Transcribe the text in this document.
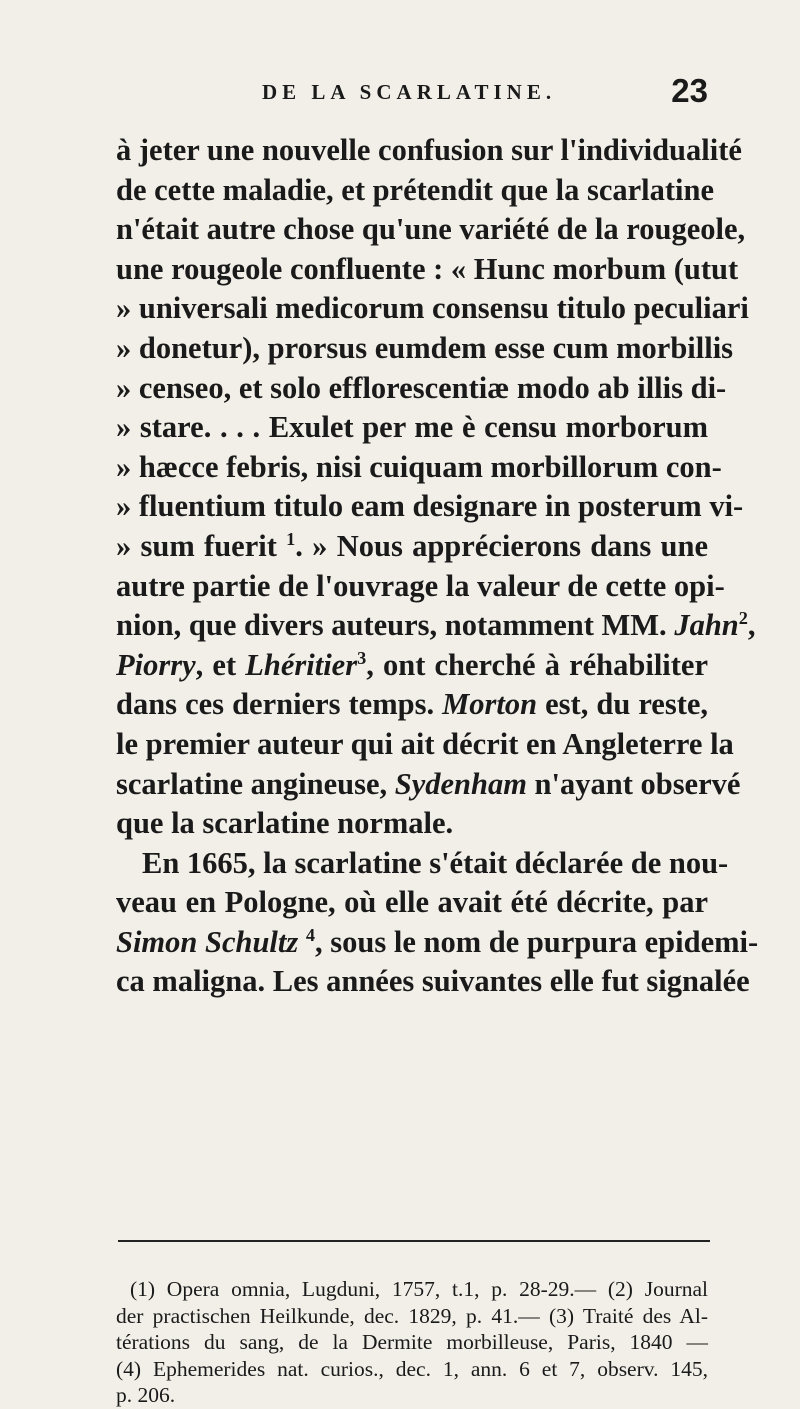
DE LA SCARLATINE.	23
à jeter une nouvelle confusion sur l'individualité
de cette maladie, et prétendit que la scarlatine
n'était autre chose qu'une variété de la rougeole,
une rougeole confluente : « Hunc morbum (utut
» universali medicorum consensu titulo peculiari
» donetur), prorsus eumdem esse cum morbillis
» censeo, et solo efflorescentiæ modo ab illis di-
» stare. . . . Exulet per me è censu morborum
» hæcce febris, nisi cuiquam morbillorum con-
» fluentium titulo eam designare in posterum vi-
» sum fuerit $^1$. » Nous apprécierons dans une
autre partie de l'ouvrage la valeur de cette opi-
nion, que divers auteurs, notamment MM. Jahn$^2$,
Piorry, et Lhéritier$^3$, ont cherché à réhabiliter
dans ces derniers temps. Morton est, du reste,
le premier auteur qui ait décrit en Angleterre la
scarlatine angineuse, Sydenham n'ayant observé
que la scarlatine normale.
En 1665, la scarlatine s'était déclarée de nou-
veau en Pologne, où elle avait été décrite, par
Simon Schultz $^4$, sous le nom de purpura epidemi-
ca maligna. Les années suivantes elle fut signalée
(1) Opera omnia, Lugduni, 1757, t.1, p. 28-29.— (2) Journal
der practischen Heilkunde, dec. 1829, p. 41.— (3) Traité des Al-
térations du sang, de la Dermite morbilleuse, Paris, 1840 —
(4) Ephemerides nat. curios., dec. 1, ann. 6 et 7, observ. 145,
p. 206.
